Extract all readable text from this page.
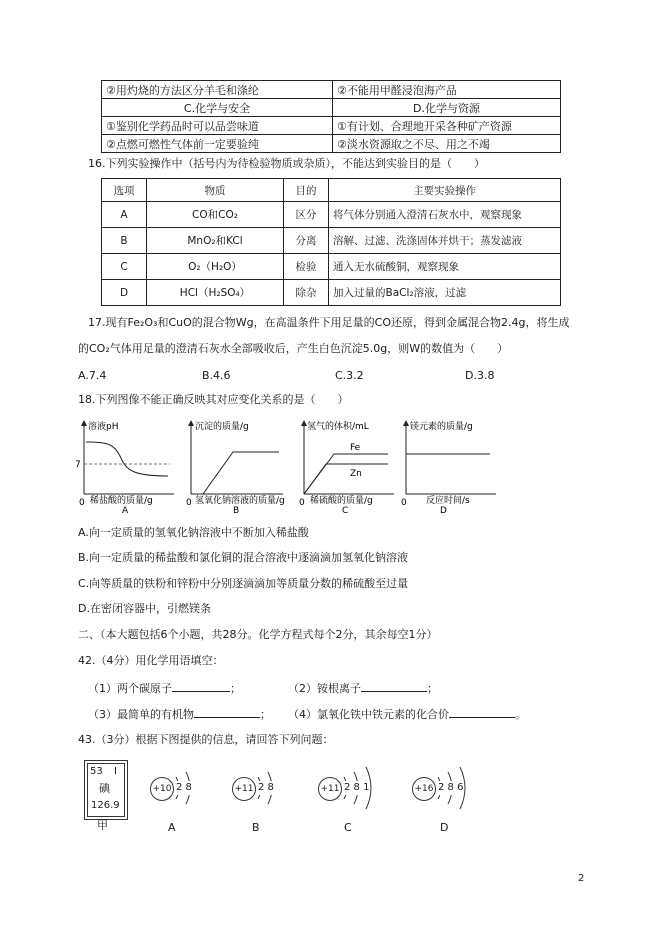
②用灼烧的方法区分羊毛和涤纶	②不能用甲醛浸泡海产品
C.化学与安全	D.化学与资源
①鉴别化学药品时可以品尝味道	①有计划、合理地开采各种矿产资源
②点燃可燃性气体前一定要验纯	②淡水资源取之不尽、用之不竭
16.下列实验操作中（括号内为待检验物质或杂质），不能达到实验目的是（　　）
选项	物质	目的	主要实验操作
A	CO和CO₂	区分	将气体分别通入澄清石灰水中，观察现象
B	MnO₂和KCl	分离	溶解、过滤、洗涤固体并烘干；蒸发滤液
C	O₂（H₂O）	检验	通入无水硫酸铜，观察现象
D	HCl（H₂SO₄）	除杂	加入过量的BaCl₂溶液，过滤
17.现有Fe₂O₃和CuO的混合物Wg，在高温条件下用足量的CO还原，得到金属混合物2.4g，将生成
的CO₂气体用足量的澄清石灰水全部吸收后，产生白色沉淀5.0g，则W的数值为（　　）
A.7.4	B.4.6	C.3.2	D.3.8
18.下列图像不能正确反映其对应变化关系的是（　　）
溶液pH
7
0 稀盐酸的质量/g
A
沉淀的质量/g
0 氢氧化钠溶液的质量/g
B
氢气的体积/mL
Fe
Zn
0 稀硫酸的质量/g
C
镁元素的质量/g
0 反应时间/s
D
A.向一定质量的氢氧化钠溶液中不断加入稀盐酸
B.向一定质量的稀盐酸和氯化铜的混合溶液中逐滴滴加氢氧化钠溶液
C.向等质量的铁粉和锌粉中分别逐滴滴加等质量分数的稀硫酸至过量
D.在密闭容器中，引燃镁条
二、（本大题包括6个小题，共28分。化学方程式每个2分，其余每空1分）
42.（4分）用化学用语填空：
（1）两个碳原子	；	（2）铵根离子	；
（3）最简单的有机物	； （4）氯氧化铁中铁元素的化合价	。
43.（3分）根据下图提供的信息，请回答下列问题：
53 I
碘
126.9
甲
+10 2 8
A
+11 2 8
B
+11 2 8 1
C
+16 2 8 6
D
2
